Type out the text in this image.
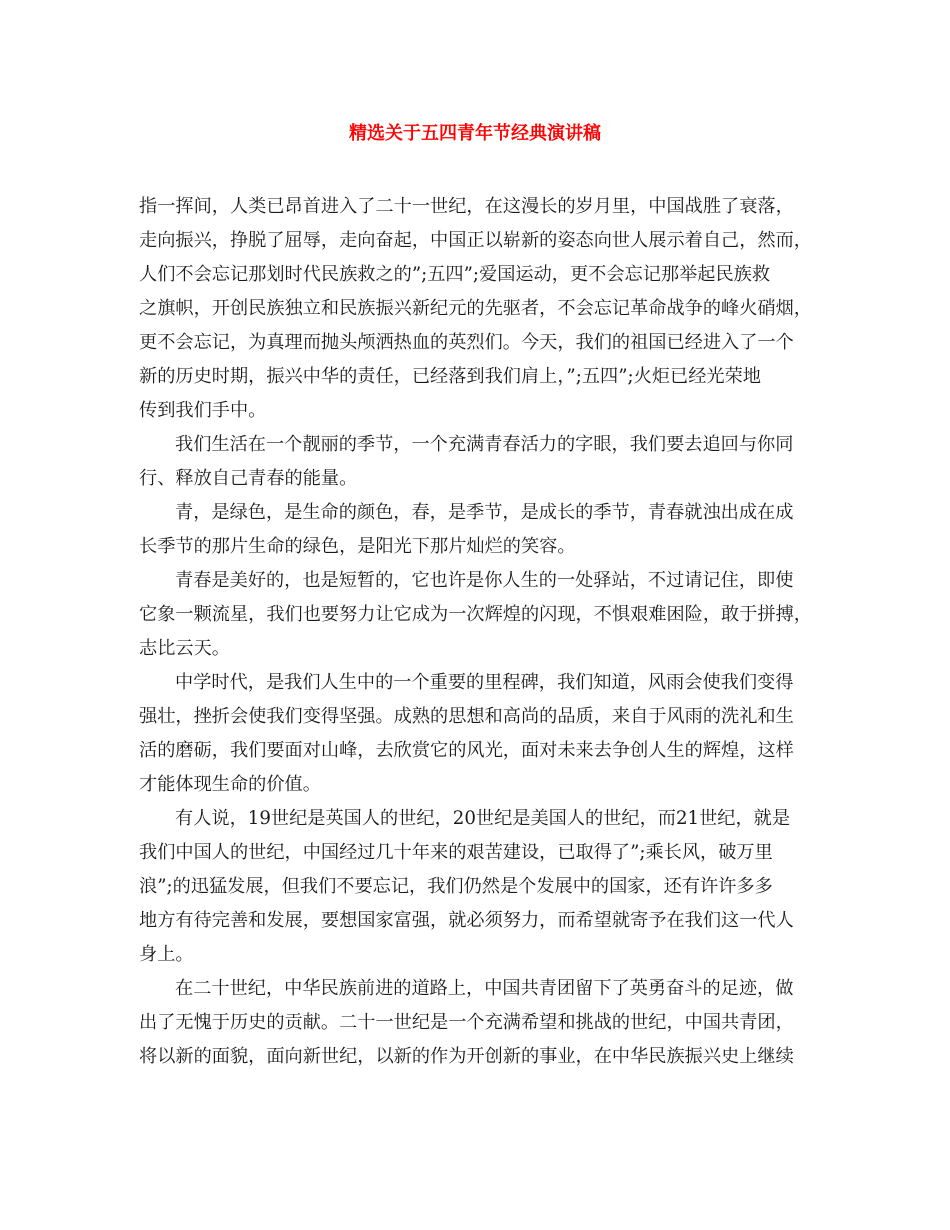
精选关于五四青年节经典演讲稿
指一挥间，人类已昂首进入了二十一世纪，在这漫长的岁月里，中国战胜了衰落，
走向振兴，挣脱了屈辱，走向奋起，中国正以崭新的姿态向世人展示着自己，然而，
人们不会忘记那划时代民族救之的”;五四”;爱国运动，更不会忘记那举起民族救
之旗帜，开创民族独立和民族振兴新纪元的先驱者，不会忘记革命战争的峰火硝烟，
更不会忘记，为真理而抛头颅洒热血的英烈们。今天，我们的祖国已经进入了一个
新的历史时期，振兴中华的责任，已经落到我们肩上，”;五四”;火炬已经光荣地
传到我们手中。
我们生活在一个靓丽的季节，一个充满青春活力的字眼，我们要去追回与你同
行、释放自己青春的能量。
青，是绿色，是生命的颜色，春，是季节，是成长的季节，青春就浊出成在成
长季节的那片生命的绿色，是阳光下那片灿烂的笑容。
青春是美好的，也是短暂的，它也许是你人生的一处驿站，不过请记住，即使
它象一颗流星，我们也要努力让它成为一次辉煌的闪现，不惧艰难困险，敢于拼搏，
志比云天。
中学时代，是我们人生中的一个重要的里程碑，我们知道，风雨会使我们变得
强壮，挫折会使我们变得坚强。成熟的思想和高尚的品质，来自于风雨的洗礼和生
活的磨砺，我们要面对山峰，去欣赏它的风光，面对未来去争创人生的辉煌，这样
才能体现生命的价值。
有人说，19世纪是英国人的世纪，20世纪是美国人的世纪，而21世纪，就是
我们中国人的世纪，中国经过几十年来的艰苦建设，已取得了”;乘长风，破万里
浪”;的迅猛发展，但我们不要忘记，我们仍然是个发展中的国家，还有许许多多
地方有待完善和发展，要想国家富强，就必须努力，而希望就寄予在我们这一代人
身上。
在二十世纪，中华民族前进的道路上，中国共青团留下了英勇奋斗的足迹，做
出了无愧于历史的贡献。二十一世纪是一个充满希望和挑战的世纪，中国共青团，
将以新的面貌，面向新世纪，以新的作为开创新的事业，在中华民族振兴史上继续
